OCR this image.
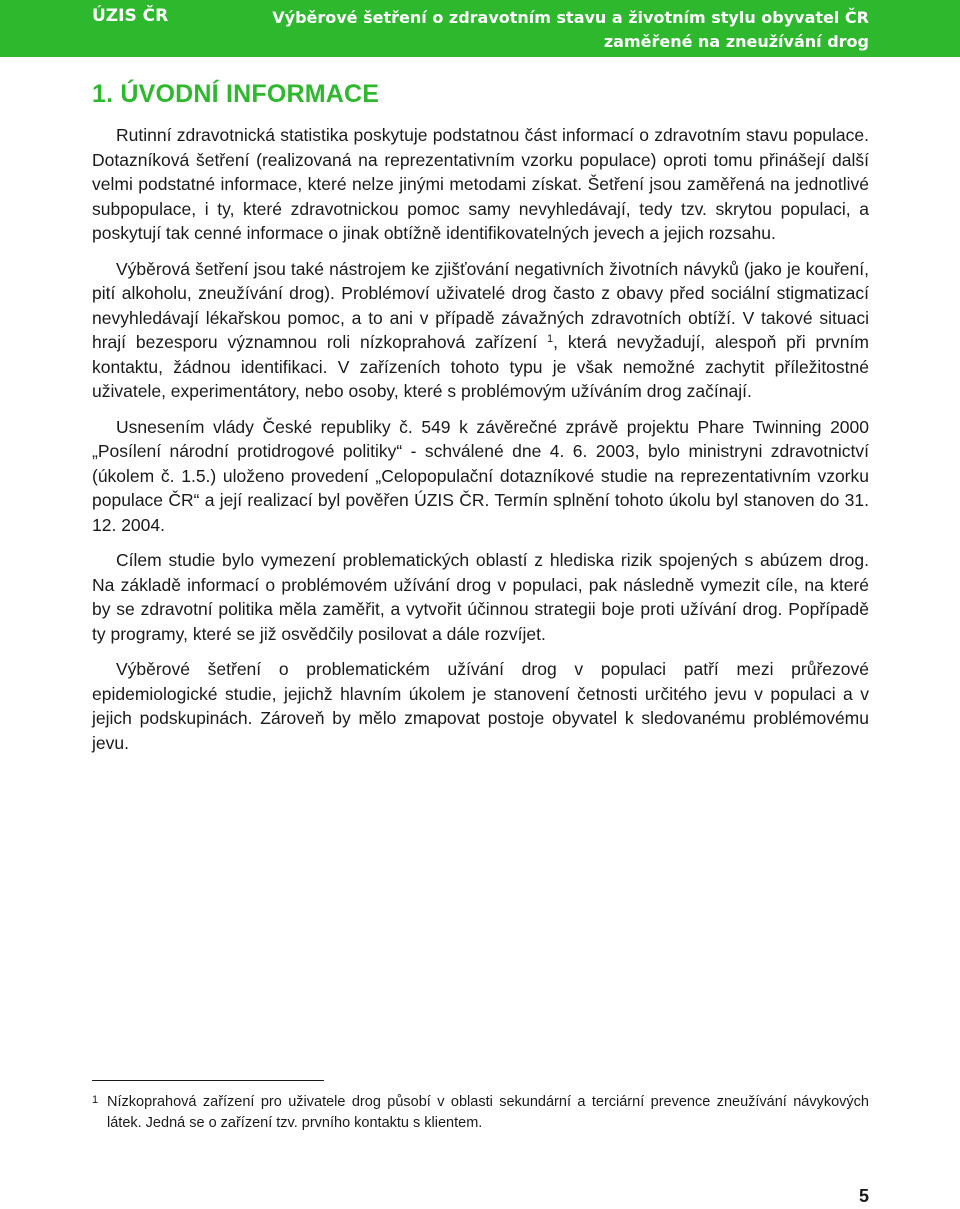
ÚZIS ČR	Výběrové šetření o zdravotním stavu a životním stylu obyvatel ČR zaměřené na zneužívání drog
1. ÚVODNÍ INFORMACE

Rutinní zdravotnická statistika poskytuje podstatnou část informací o zdravotním stavu populace. Dotazníková šetření (realizovaná na reprezentativním vzorku populace) oproti tomu přinášejí další velmi podstatné informace, které nelze jinými metodami získat. Šetření jsou zaměřená na jednotlivé subpopulace, i ty, které zdravotnickou pomoc samy nevyhledávají, tedy tzv. skrytou populaci, a poskytují tak cenné informace o jinak obtížně identifikovatelných jevech a jejich rozsahu.

Výběrová šetření jsou také nástrojem ke zjišťování negativních životních návyků (jako je kouření, pití alkoholu, zneužívání drog). Problémoví uživatelé drog často z obavy před sociální stigmatizací nevyhledávají lékařskou pomoc, a to ani v případě závažných zdravotních obtíží. V takové situaci hrají bezesporu významnou roli nízkoprahová zařízení $^1$, která nevyžadují, alespoň při prvním kontaktu, žádnou identifikaci. V zařízeních tohoto typu je však nemožné zachytit příležitostné uživatele, experimentátory, nebo osoby, které s problémovým užíváním drog začínají.

Usnesením vlády České republiky č. 549 k závěrečné zprávě projektu Phare Twinning 2000 „Posílení národní protidrogové politiky“ - schválené dne 4. 6. 2003, bylo ministryni zdravotnictví (úkolem č. 1.5.) uloženo provedení „Celopopulační dotazníkové studie na reprezentativním vzorku populace ČR“ a její realizací byl pověřen ÚZIS ČR. Termín splnění tohoto úkolu byl stanoven do 31. 12. 2004.

Cílem studie bylo vymezení problematických oblastí z hlediska rizik spojených s abúzem drog. Na základě informací o problémovém užívání drog v populaci, pak následně vymezit cíle, na které by se zdravotní politika měla zaměřit, a vytvořit účinnou strategii boje proti užívání drog. Popřípadě ty programy, které se již osvědčily posilovat a dále rozvíjet.

Výběrové šetření o problematickém užívání drog v populaci patří mezi průřezové epidemiologické studie, jejichž hlavním úkolem je stanovení četnosti určitého jevu v populaci a v jejich podskupinách. Zároveň by mělo zmapovat postoje obyvatel k sledovanému problémovému jevu.

1 Nízkoprahová zařízení pro uživatele drog působí v oblasti sekundární a terciární prevence zneužívání návykových látek. Jedná se o zařízení tzv. prvního kontaktu s klientem.
5
